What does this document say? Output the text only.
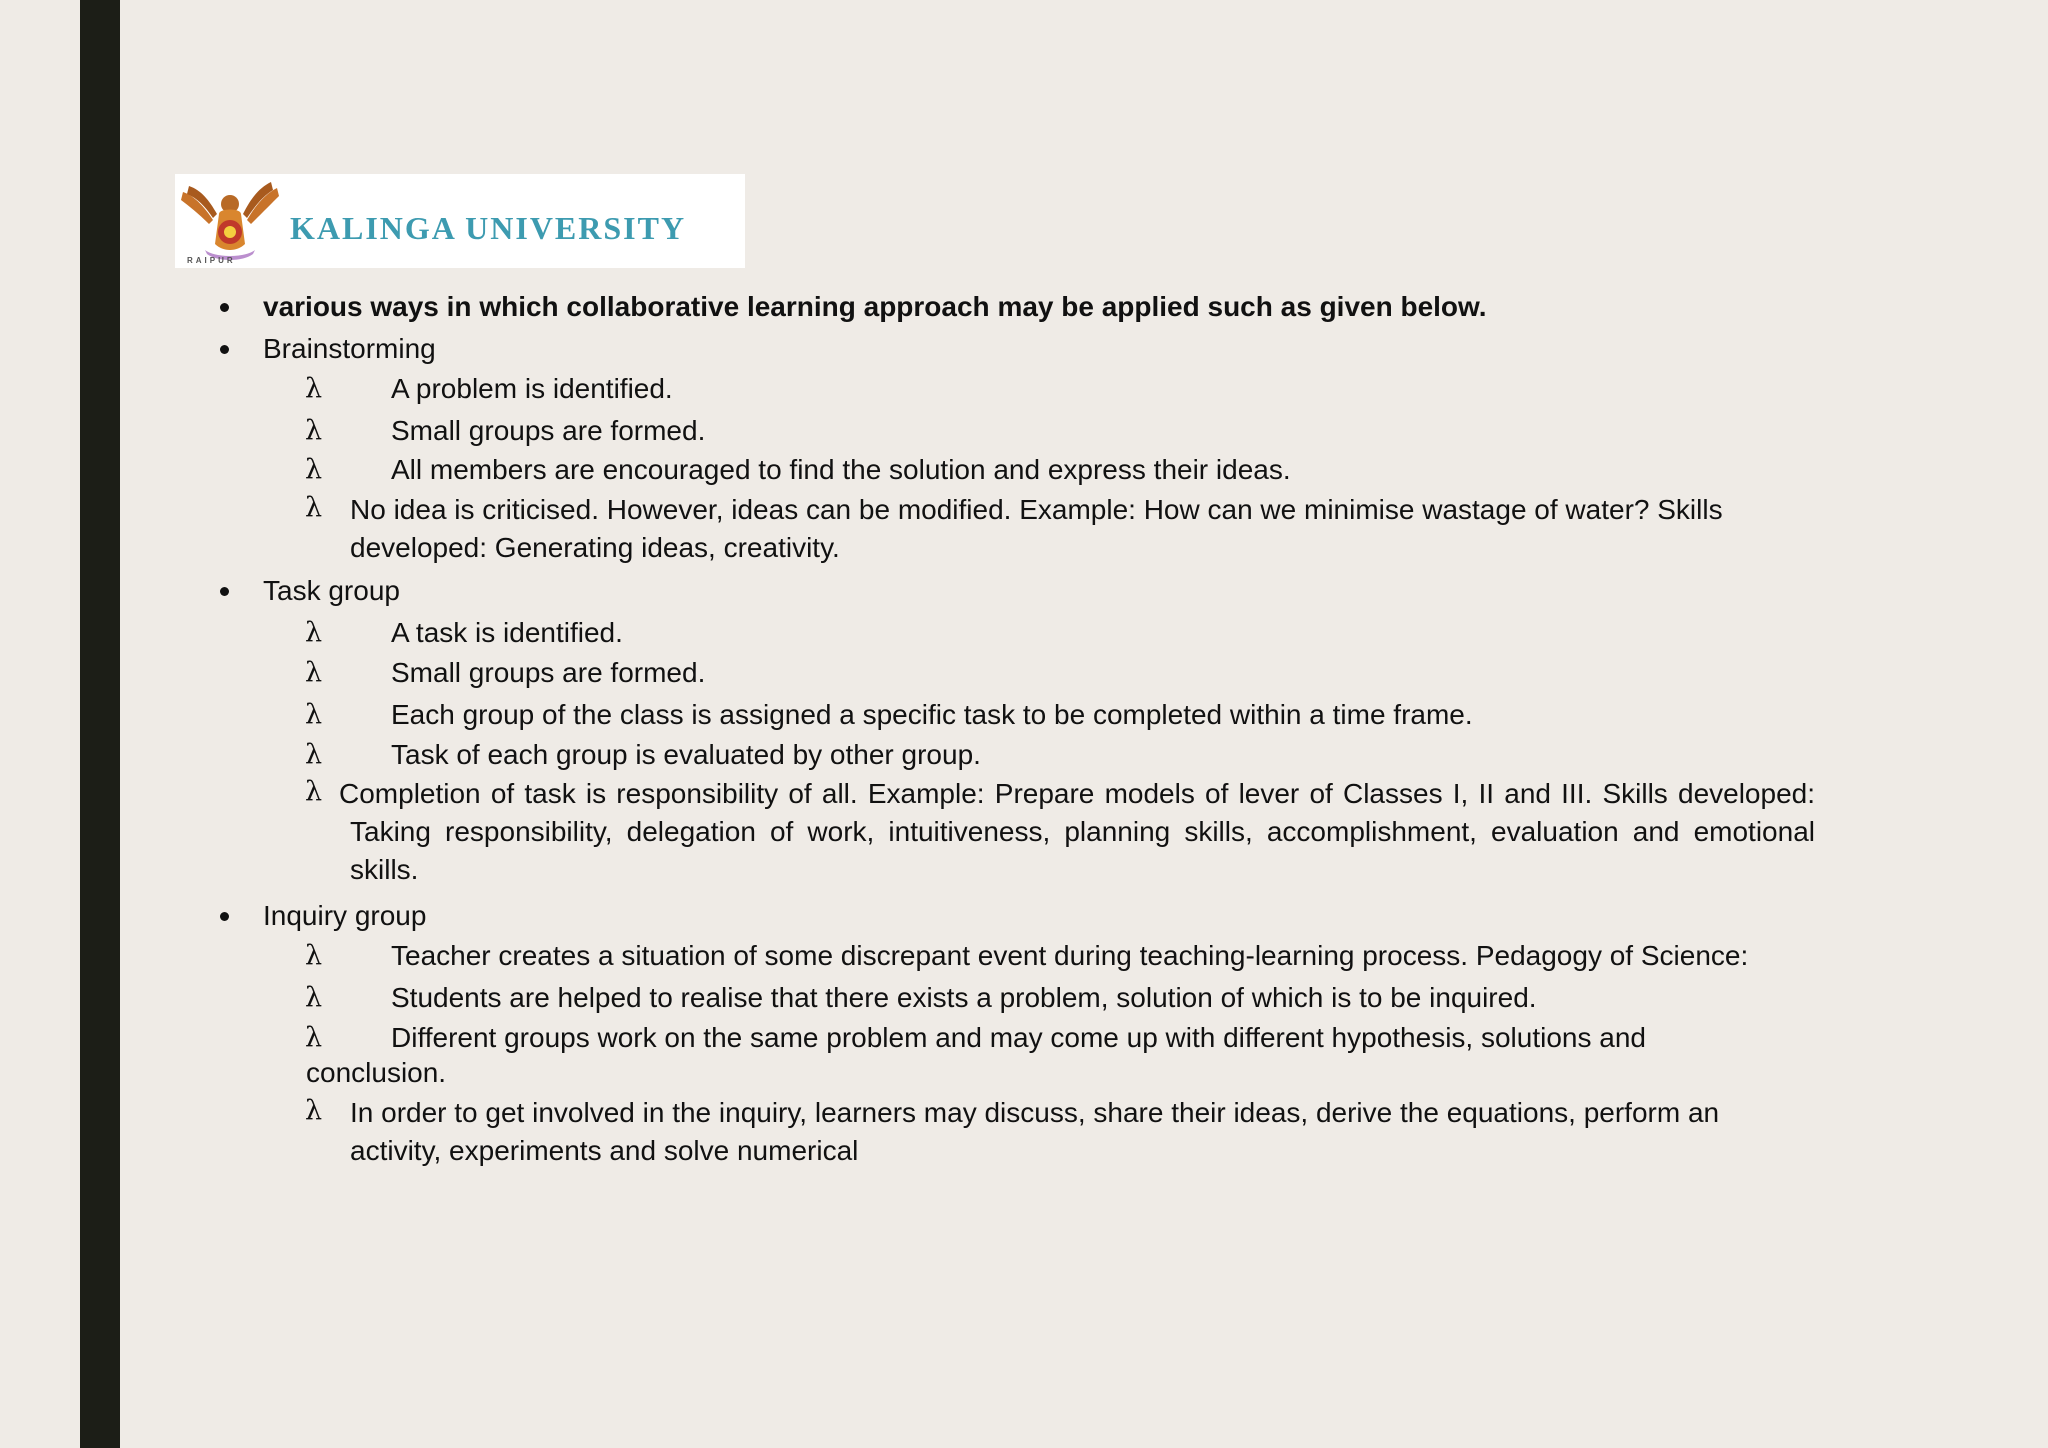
KALINGA UNIVERSITY
RAIPUR
various ways in which collaborative learning approach may be applied such as given below.
Brainstorming
λ A problem is identified.
λ Small groups are formed.
λ All members are encouraged to find the solution and express their ideas.
λ No idea is criticised. However, ideas can be modified. Example: How can we minimise wastage of water? Skills developed: Generating ideas, creativity.
Task group
λ A task is identified.
λ Small groups are formed.
λ Each group of the class is assigned a specific task to be completed within a time frame.
λ Task of each group is evaluated by other group.
λ Completion of task is responsibility of all. Example: Prepare models of lever of Classes I, II and III. Skills developed: Taking responsibility, delegation of work, intuitiveness, planning skills, accomplishment, evaluation and emotional skills.
Inquiry group
λ Teacher creates a situation of some discrepant event during teaching-learning process. Pedagogy of Science:
λ Students are helped to realise that there exists a problem, solution of which is to be inquired.
λ Different groups work on the same problem and may come up with different hypothesis, solutions and
conclusion.
λ In order to get involved in the inquiry, learners may discuss, share their ideas, derive the equations, perform an activity, experiments and solve numerical
